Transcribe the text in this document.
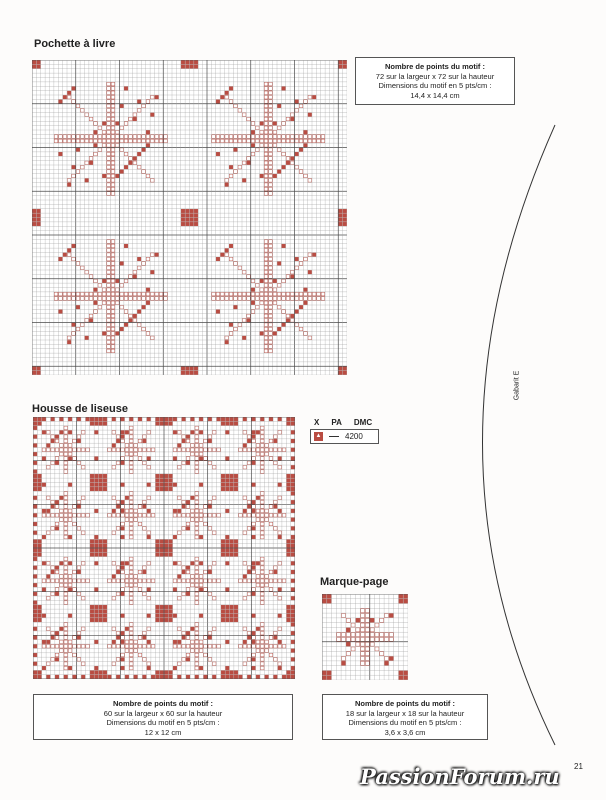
Pochette à livre
Nombre de points du motif :
72 sur la largeur x 72 sur la hauteur
Dimensions du motif en 5 pts/cm :
14,4 x 14,4 cm
Gabarit E
Housse de liseuse
Nombre de points du motif :
60 sur la largeur x 60 sur la hauteur
Dimensions du motif en 5 pts/cm :
12 x 12 cm
X PA DMC
▲	4200
Marque-page
Nombre de points du motif :
18 sur la largeur x 18 sur la hauteur
Dimensions du motif en 5 pts/cm :
3,6 x 3,6 cm
21
PassionForum.ru
